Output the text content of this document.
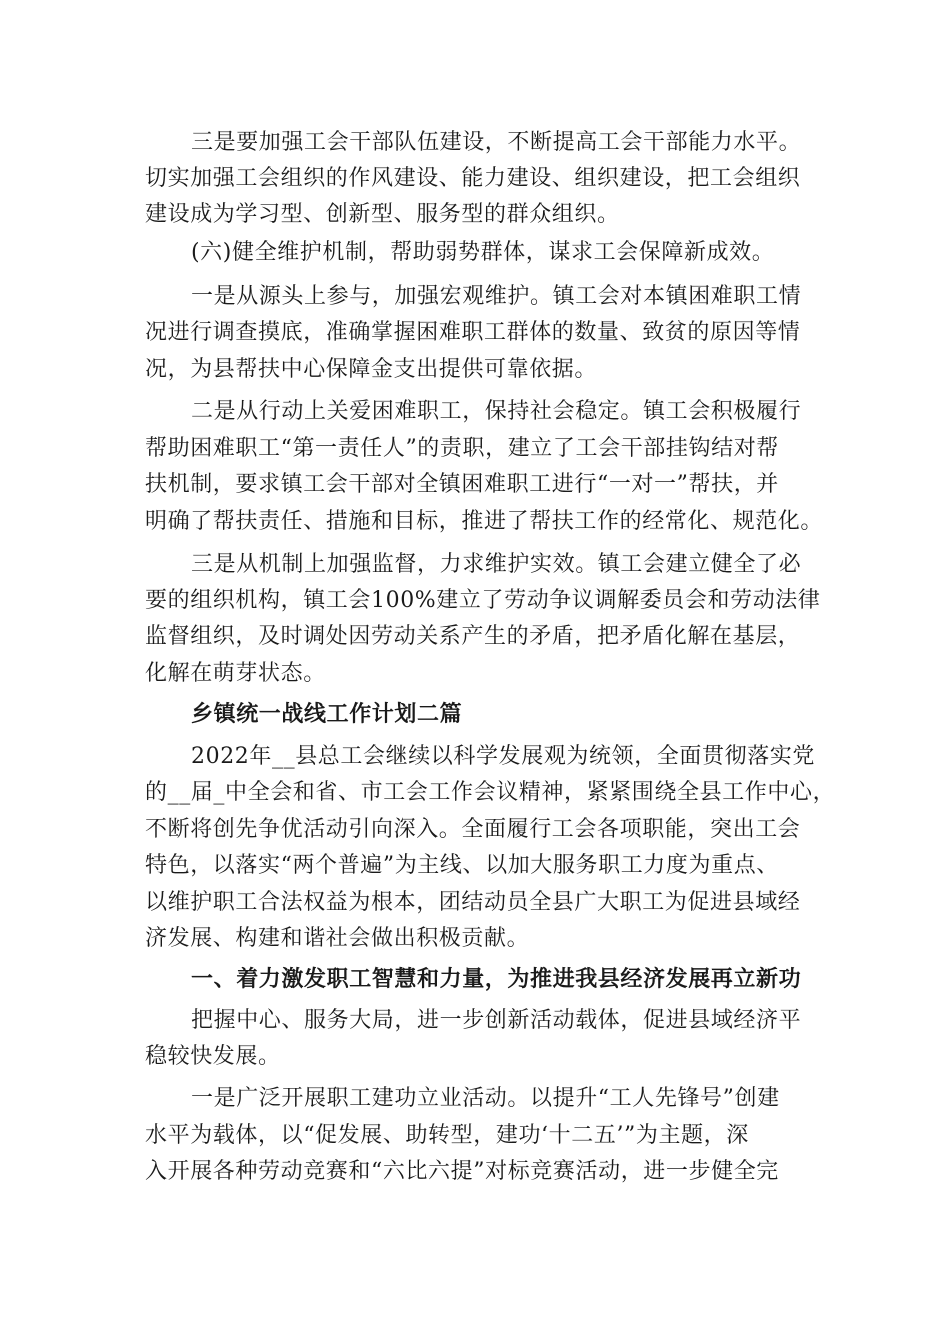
三是要加强工会干部队伍建设，不断提高工会干部能力水平。
切实加强工会组织的作风建设、能力建设、组织建设，把工会组织
建设成为学习型、创新型、服务型的群众组织。
(六)健全维护机制，帮助弱势群体，谋求工会保障新成效。
一是从源头上参与，加强宏观维护。镇工会对本镇困难职工情
况进行调查摸底，准确掌握困难职工群体的数量、致贫的原因等情
况，为县帮扶中心保障金支出提供可靠依据。
二是从行动上关爱困难职工，保持社会稳定。镇工会积极履行
帮助困难职工“第一责任人”的责职，建立了工会干部挂钩结对帮
扶机制，要求镇工会干部对全镇困难职工进行“一对一”帮扶，并
明确了帮扶责任、措施和目标，推进了帮扶工作的经常化、规范化。
三是从机制上加强监督，力求维护实效。镇工会建立健全了必
要的组织机构，镇工会100%建立了劳动争议调解委员会和劳动法律
监督组织，及时调处因劳动关系产生的矛盾，把矛盾化解在基层，
化解在萌芽状态。
乡镇统一战线工作计划二篇
2022年__县总工会继续以科学发展观为统领，全面贯彻落实党
的__届_中全会和省、市工会工作会议精神，紧紧围绕全县工作中心，
不断将创先争优活动引向深入。全面履行工会各项职能，突出工会
特色，以落实“两个普遍”为主线、以加大服务职工力度为重点、
以维护职工合法权益为根本，团结动员全县广大职工为促进县域经
济发展、构建和谐社会做出积极贡献。
一、着力激发职工智慧和力量，为推进我县经济发展再立新功
把握中心、服务大局，进一步创新活动载体，促进县域经济平
稳较快发展。
一是广泛开展职工建功立业活动。以提升“工人先锋号”创建
水平为载体，以“促发展、助转型，建功‘十二五’”为主题，深
入开展各种劳动竞赛和“六比六提”对标竞赛活动，进一步健全完
